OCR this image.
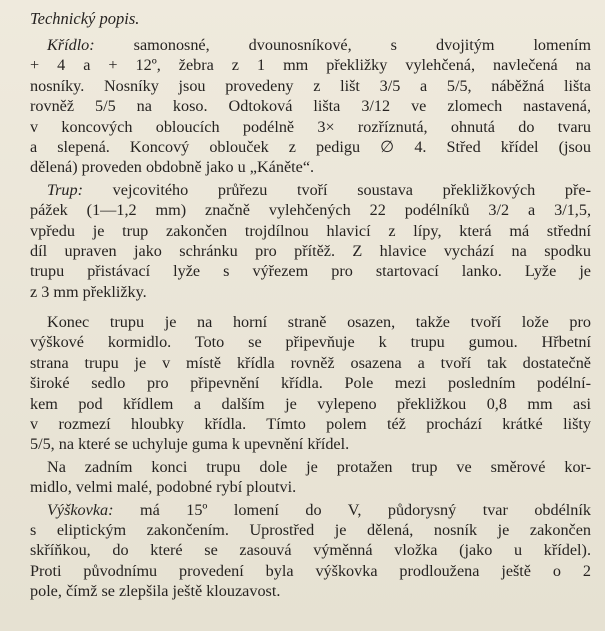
Technický popis.
Křídlo: samonosné, dvounosníkové, s dvojitým lomením
+ 4 a + 12º, žebra z 1 mm překližky vylehčená, navlečená na
nosníky. Nosníky jsou provedeny z lišt 3/5 a 5/5, náběžná lišta
rovněž 5/5 na koso. Odtoková lišta 3/12 ve zlomech nastavená,
v koncových obloucích podélně 3× rozříznutá, ohnutá do tvaru
a slepená. Koncový oblouček z pedigu ∅ 4. Střed křídel (jsou
dělená) proveden obdobně jako u „Káněte“.
Trup: vejcovitého průřezu tvoří soustava překližkových pře-
pážek (1—1,2 mm) značně vylehčených 22 podélníků 3/2 a 3/1,5,
vpředu je trup zakončen trojdílnou hlavicí z lípy, která má střední
díl upraven jako schránku pro přítěž. Z hlavice vychází na spodku
trupu přistávací lyže s výřezem pro startovací lanko. Lyže je
z 3 mm překližky.
Konec trupu je na horní straně osazen, takže tvoří lože pro
výškové kormidlo. Toto se připevňuje k trupu gumou. Hřbetní
strana trupu je v místě křídla rovněž osazena a tvoří tak dostatečně
široké sedlo pro připevnění křídla. Pole mezi posledním podélní-
kem pod křídlem a dalším je vylepeno překližkou 0,8 mm asi
v rozmezí hloubky křídla. Tímto polem též prochází krátké lišty
5/5, na které se uchyluje guma k upevnění křídel.
Na zadním konci trupu dole je protažen trup ve směrové kor-
midlo, velmi malé, podobné rybí ploutvi.
Výškovka: má 15º lomení do V, půdorysný tvar obdélník
s eliptickým zakončením. Uprostřed je dělená, nosník je zakončen
skříňkou, do které se zasouvá výměnná vložka (jako u křídel).
Proti původnímu provedení byla výškovka prodloužena ještě o 2
pole, čímž se zlepšila ještě klouzavost.
